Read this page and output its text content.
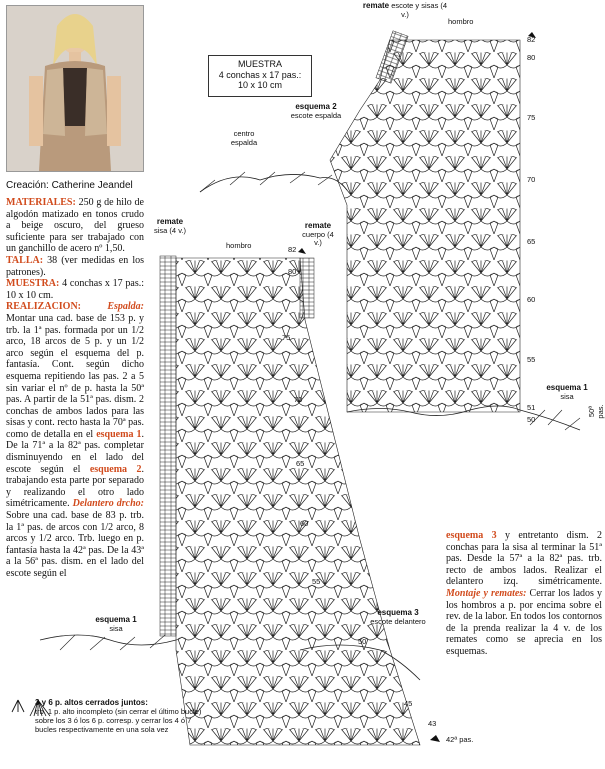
Creación: Catherine Jeandel
MATERIALES: 250 g de hilo de algodón matizado en tonos crudo a beige oscuro, del grueso suficiente para ser trabajado con un ganchillo de acero nº 1,50.
TALLA: 38 (ver medidas en los patrones).
MUESTRA: 4 conchas x 17 pas.: 10 x 10 cm.
REALIZACION:	Espalda: Montar una cad. base de 153 p. y trb. la 1ª pas. formada por un 1/2 arco, 18 arcos de 5 p. y un 1/2 arco según el esquema del p. fantasía. Cont. según dicho esquema repitiendo las pas. 2 a 5 sin variar el nº de p. hasta la 50ª pas. A partir de la 51ª pas. dism. 2 conchas de ambos lados para las sisas y cont. recto hasta la 70ª pas. como de detalla en el esquema 1. De la 71ª a la 82ª pas. completar disminuyendo en el lado del escote según el esquema 2. trabajando esta parte por separado y realizando el otro lado simétricamente. Delantero drcho: Sobre una cad. base de 83 p. trb. la 1ª pas. de arcos con 1/2 arco, 8 arcos y 1/2 arco. Trb. luego en p. fantasía hasta la 42ª pas. De la 43ª a la 56ª pas. dism. en el lado del escote según el
esquema 3 y entretanto dism. 2 conchas para la sisa al terminar la 51ª pas. Desde la 57ª a la 82ª pas. trb. recto de ambos lados. Realizar el delantero izq. simétricamente. Montaje y remates: Cerrar los lados y los hombros a p. por encima sobre el rev. de la labor. En todos los contornos de la prenda realizar la 4 v. de los remates como se aprecia en los esquemas.
MUESTRA
4 conchas x 17 pas.:
10 x 10 cm
remate escote y sisas (4 v.)
hombro
esquema 2
escote espalda
centro espalda
esquema 1
sisa
50ª pas.
82
80
75
70
65
60
55
51
50
remate
sisa (4 v.)
hombro
remate
cuerpo (4 v.)
esquema 1
sisa
esquema 3
escote delantero
42ª pas.
82
80
75
70
65
60
55
50
45
43
3 y 6 p. altos cerrados juntos:
trb. 1 p. alto incompleto (sin cerrar el último bucle) sobre los 3 ó los 6 p. corresp. y cerrar los 4 ó 7 bucles respectivamente en una sola vez
